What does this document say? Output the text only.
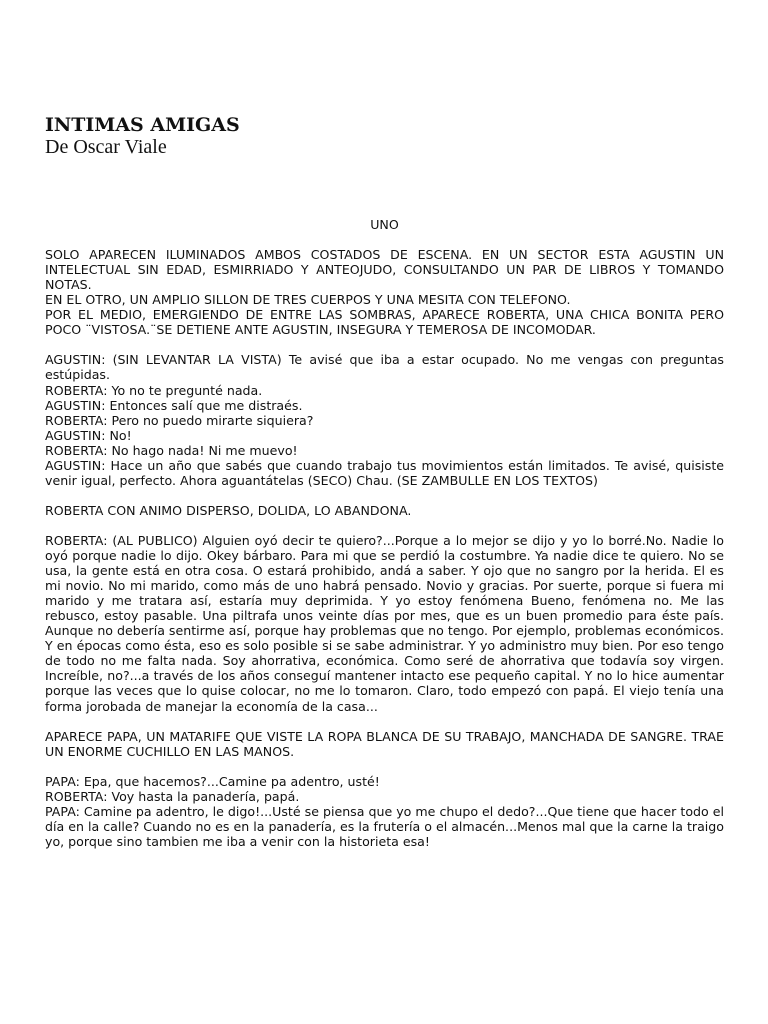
INTIMAS AMIGAS
De Oscar Viale
UNO
SOLO APARECEN ILUMINADOS AMBOS COSTADOS DE ESCENA. EN UN SECTOR ESTA AGUSTIN UN INTELECTUAL SIN EDAD, ESMIRRIADO Y ANTEOJUDO, CONSULTANDO UN PAR DE LIBROS Y TOMANDO NOTAS.
EN EL OTRO, UN AMPLIO SILLON DE TRES CUERPOS Y UNA MESITA CON TELEFONO.
POR EL MEDIO, EMERGIENDO DE ENTRE LAS SOMBRAS, APARECE ROBERTA, UNA CHICA BONITA PERO POCO ¨VISTOSA.¨SE DETIENE ANTE AGUSTIN, INSEGURA Y TEMEROSA DE INCOMODAR.
AGUSTIN: (SIN LEVANTAR LA VISTA) Te avisé que iba a estar ocupado. No me vengas con preguntas estúpidas.
ROBERTA: Yo no te pregunté nada.
AGUSTIN: Entonces salí que me distraés.
ROBERTA: Pero no puedo mirarte siquiera?
AGUSTIN: No!
ROBERTA: No hago nada! Ni me muevo!
AGUSTIN: Hace un año que sabés que cuando trabajo tus movimientos están limitados. Te avisé, quisiste venir igual, perfecto. Ahora aguantátelas (SECO) Chau. (SE ZAMBULLE EN LOS TEXTOS)
ROBERTA CON ANIMO DISPERSO, DOLIDA, LO ABANDONA.
ROBERTA: (AL PUBLICO) Alguien oyó decir te quiero?...Porque a lo mejor se dijo y yo lo borré.No. Nadie lo oyó porque nadie lo dijo. Okey bárbaro. Para mi que se perdió la costumbre. Ya nadie dice te quiero. No se usa, la gente está en otra cosa. O estará prohibido, andá a saber. Y ojo que no sangro por la herida. El es mi novio. No mi marido, como más de uno habrá pensado. Novio y gracias. Por suerte, porque si fuera mi marido y me tratara así, estaría muy deprimida. Y yo estoy fenómena Bueno, fenómena no. Me las rebusco, estoy pasable. Una piltrafa unos veinte días por mes, que es un buen promedio para éste país. Aunque no debería sentirme así, porque hay problemas que no tengo. Por ejemplo, problemas económicos. Y en épocas como ésta, eso es solo posible si se sabe administrar. Y yo administro muy bien. Por eso tengo de todo no me falta nada. Soy ahorrativa, económica. Como seré de ahorrativa que todavía soy virgen. Increíble, no?...a través de los años conseguí mantener intacto ese pequeño capital. Y no lo hice aumentar porque las veces que lo quise colocar, no me lo tomaron. Claro, todo empezó con papá. El viejo tenía una forma jorobada de manejar la economía de la casa...
APARECE PAPA, UN MATARIFE QUE VISTE LA ROPA BLANCA DE SU TRABAJO, MANCHADA DE SANGRE. TRAE UN ENORME CUCHILLO EN LAS MANOS.
PAPA: Epa, que hacemos?...Camine pa adentro, usté!
ROBERTA: Voy hasta la panadería, papá.
PAPA: Camine pa adentro, le digo!...Usté se piensa que yo me chupo el dedo?...Que tiene que hacer todo el día en la calle? Cuando no es en la panadería, es la frutería o el almacén...Menos mal que la carne la traigo yo, porque sino tambien me iba a venir con la historieta esa!
